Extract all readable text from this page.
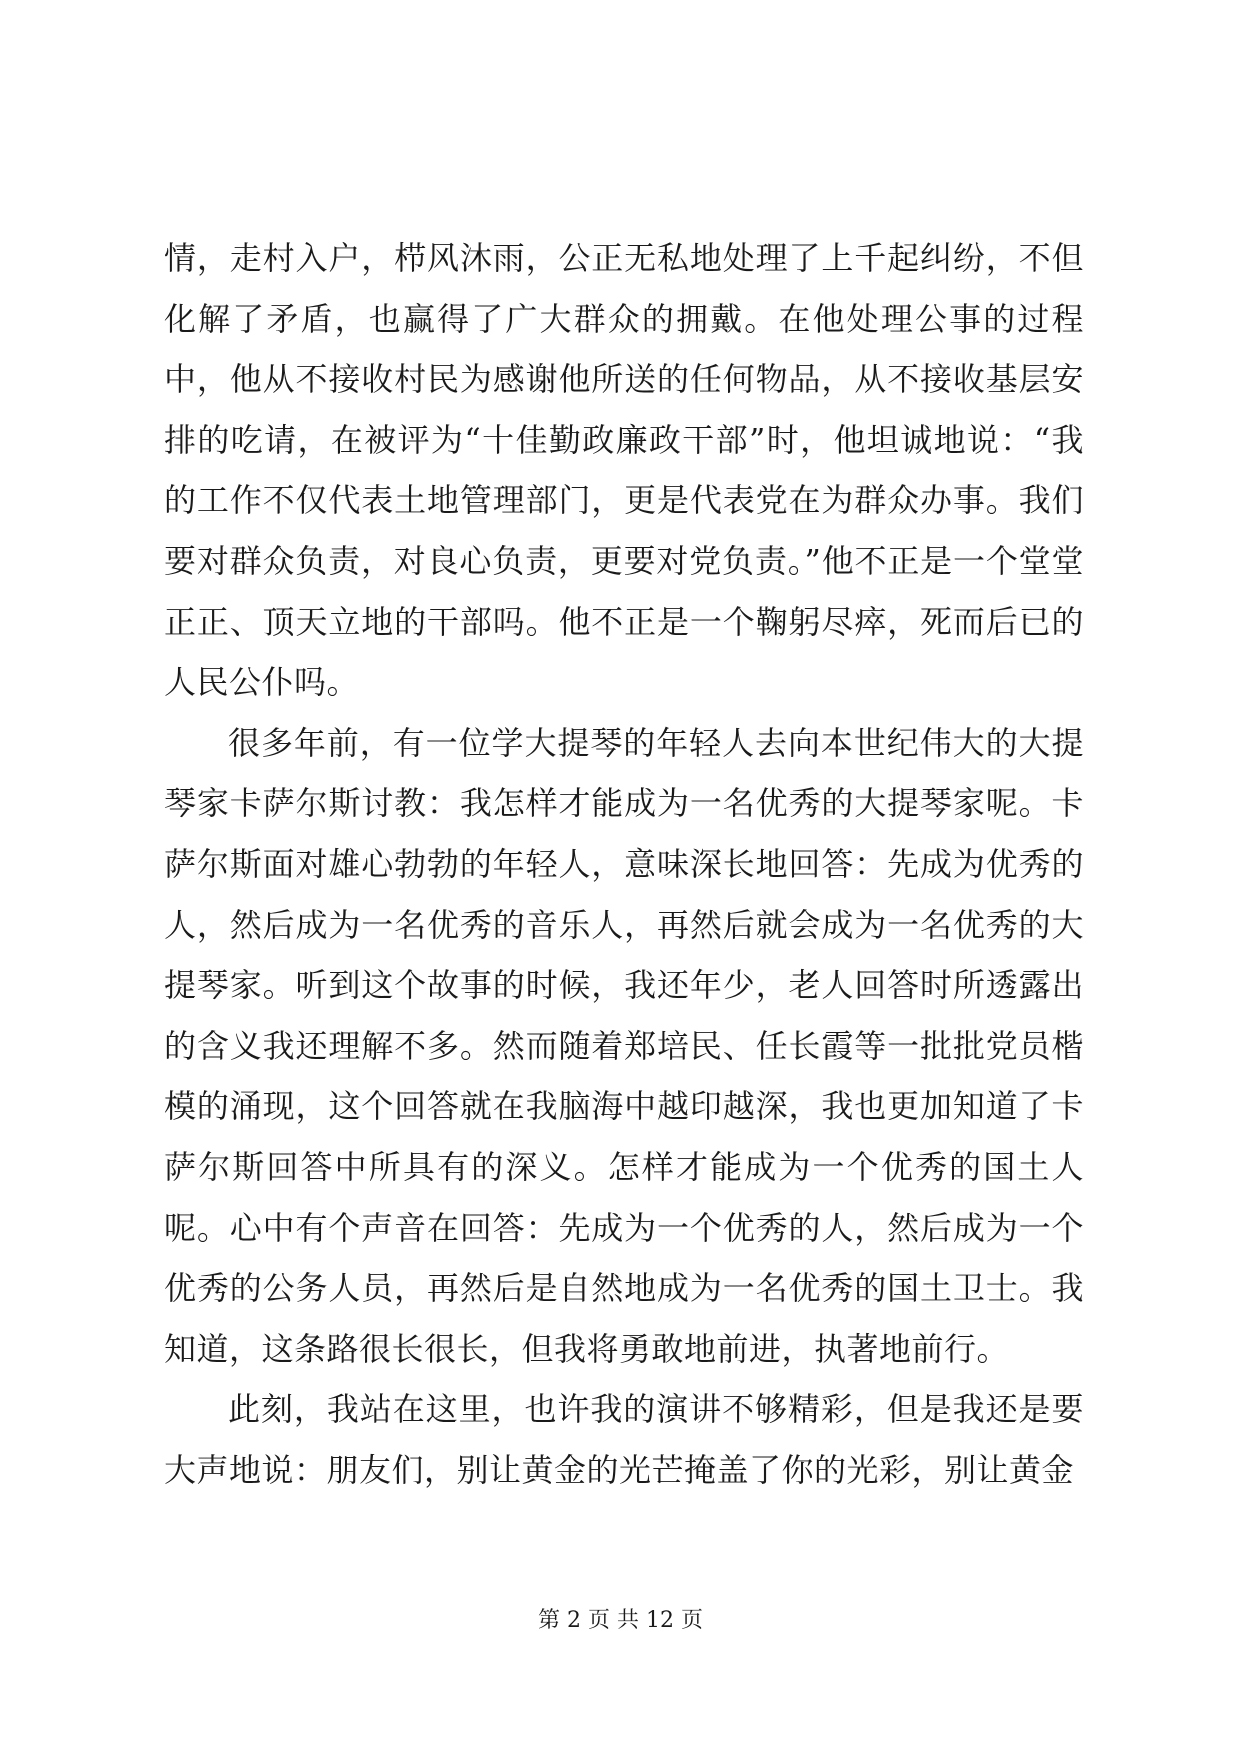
情，走村入户，栉风沐雨，公正无私地处理了上千起纠纷，不但化解了矛盾，也赢得了广大群众的拥戴。在他处理公事的过程中，他从不接收村民为感谢他所送的任何物品，从不接收基层安排的吃请，在被评为“十佳勤政廉政干部”时，他坦诚地说：“我的工作不仅代表土地管理部门，更是代表党在为群众办事。我们要对群众负责，对良心负责，更要对党负责。”他不正是一个堂堂正正、顶天立地的干部吗。他不正是一个鞠躬尽瘁，死而后已的人民公仆吗。

很多年前，有一位学大提琴的年轻人去向本世纪伟大的大提琴家卡萨尔斯讨教：我怎样才能成为一名优秀的大提琴家呢。卡萨尔斯面对雄心勃勃的年轻人，意味深长地回答：先成为优秀的人，然后成为一名优秀的音乐人，再然后就会成为一名优秀的大提琴家。听到这个故事的时候，我还年少，老人回答时所透露出的含义我还理解不多。然而随着郑培民、任长霞等一批批党员楷模的涌现，这个回答就在我脑海中越印越深，我也更加知道了卡萨尔斯回答中所具有的深义。怎样才能成为一个优秀的国土人呢。心中有个声音在回答：先成为一个优秀的人，然后成为一个优秀的公务人员，再然后是自然地成为一名优秀的国土卫士。我知道，这条路很长很长，但我将勇敢地前进，执著地前行。

此刻，我站在这里，也许我的演讲不够精彩，但是我还是要大声地说：朋友们，别让黄金的光芒掩盖了你的光彩，别让黄金

第 2 页 共 12 页
